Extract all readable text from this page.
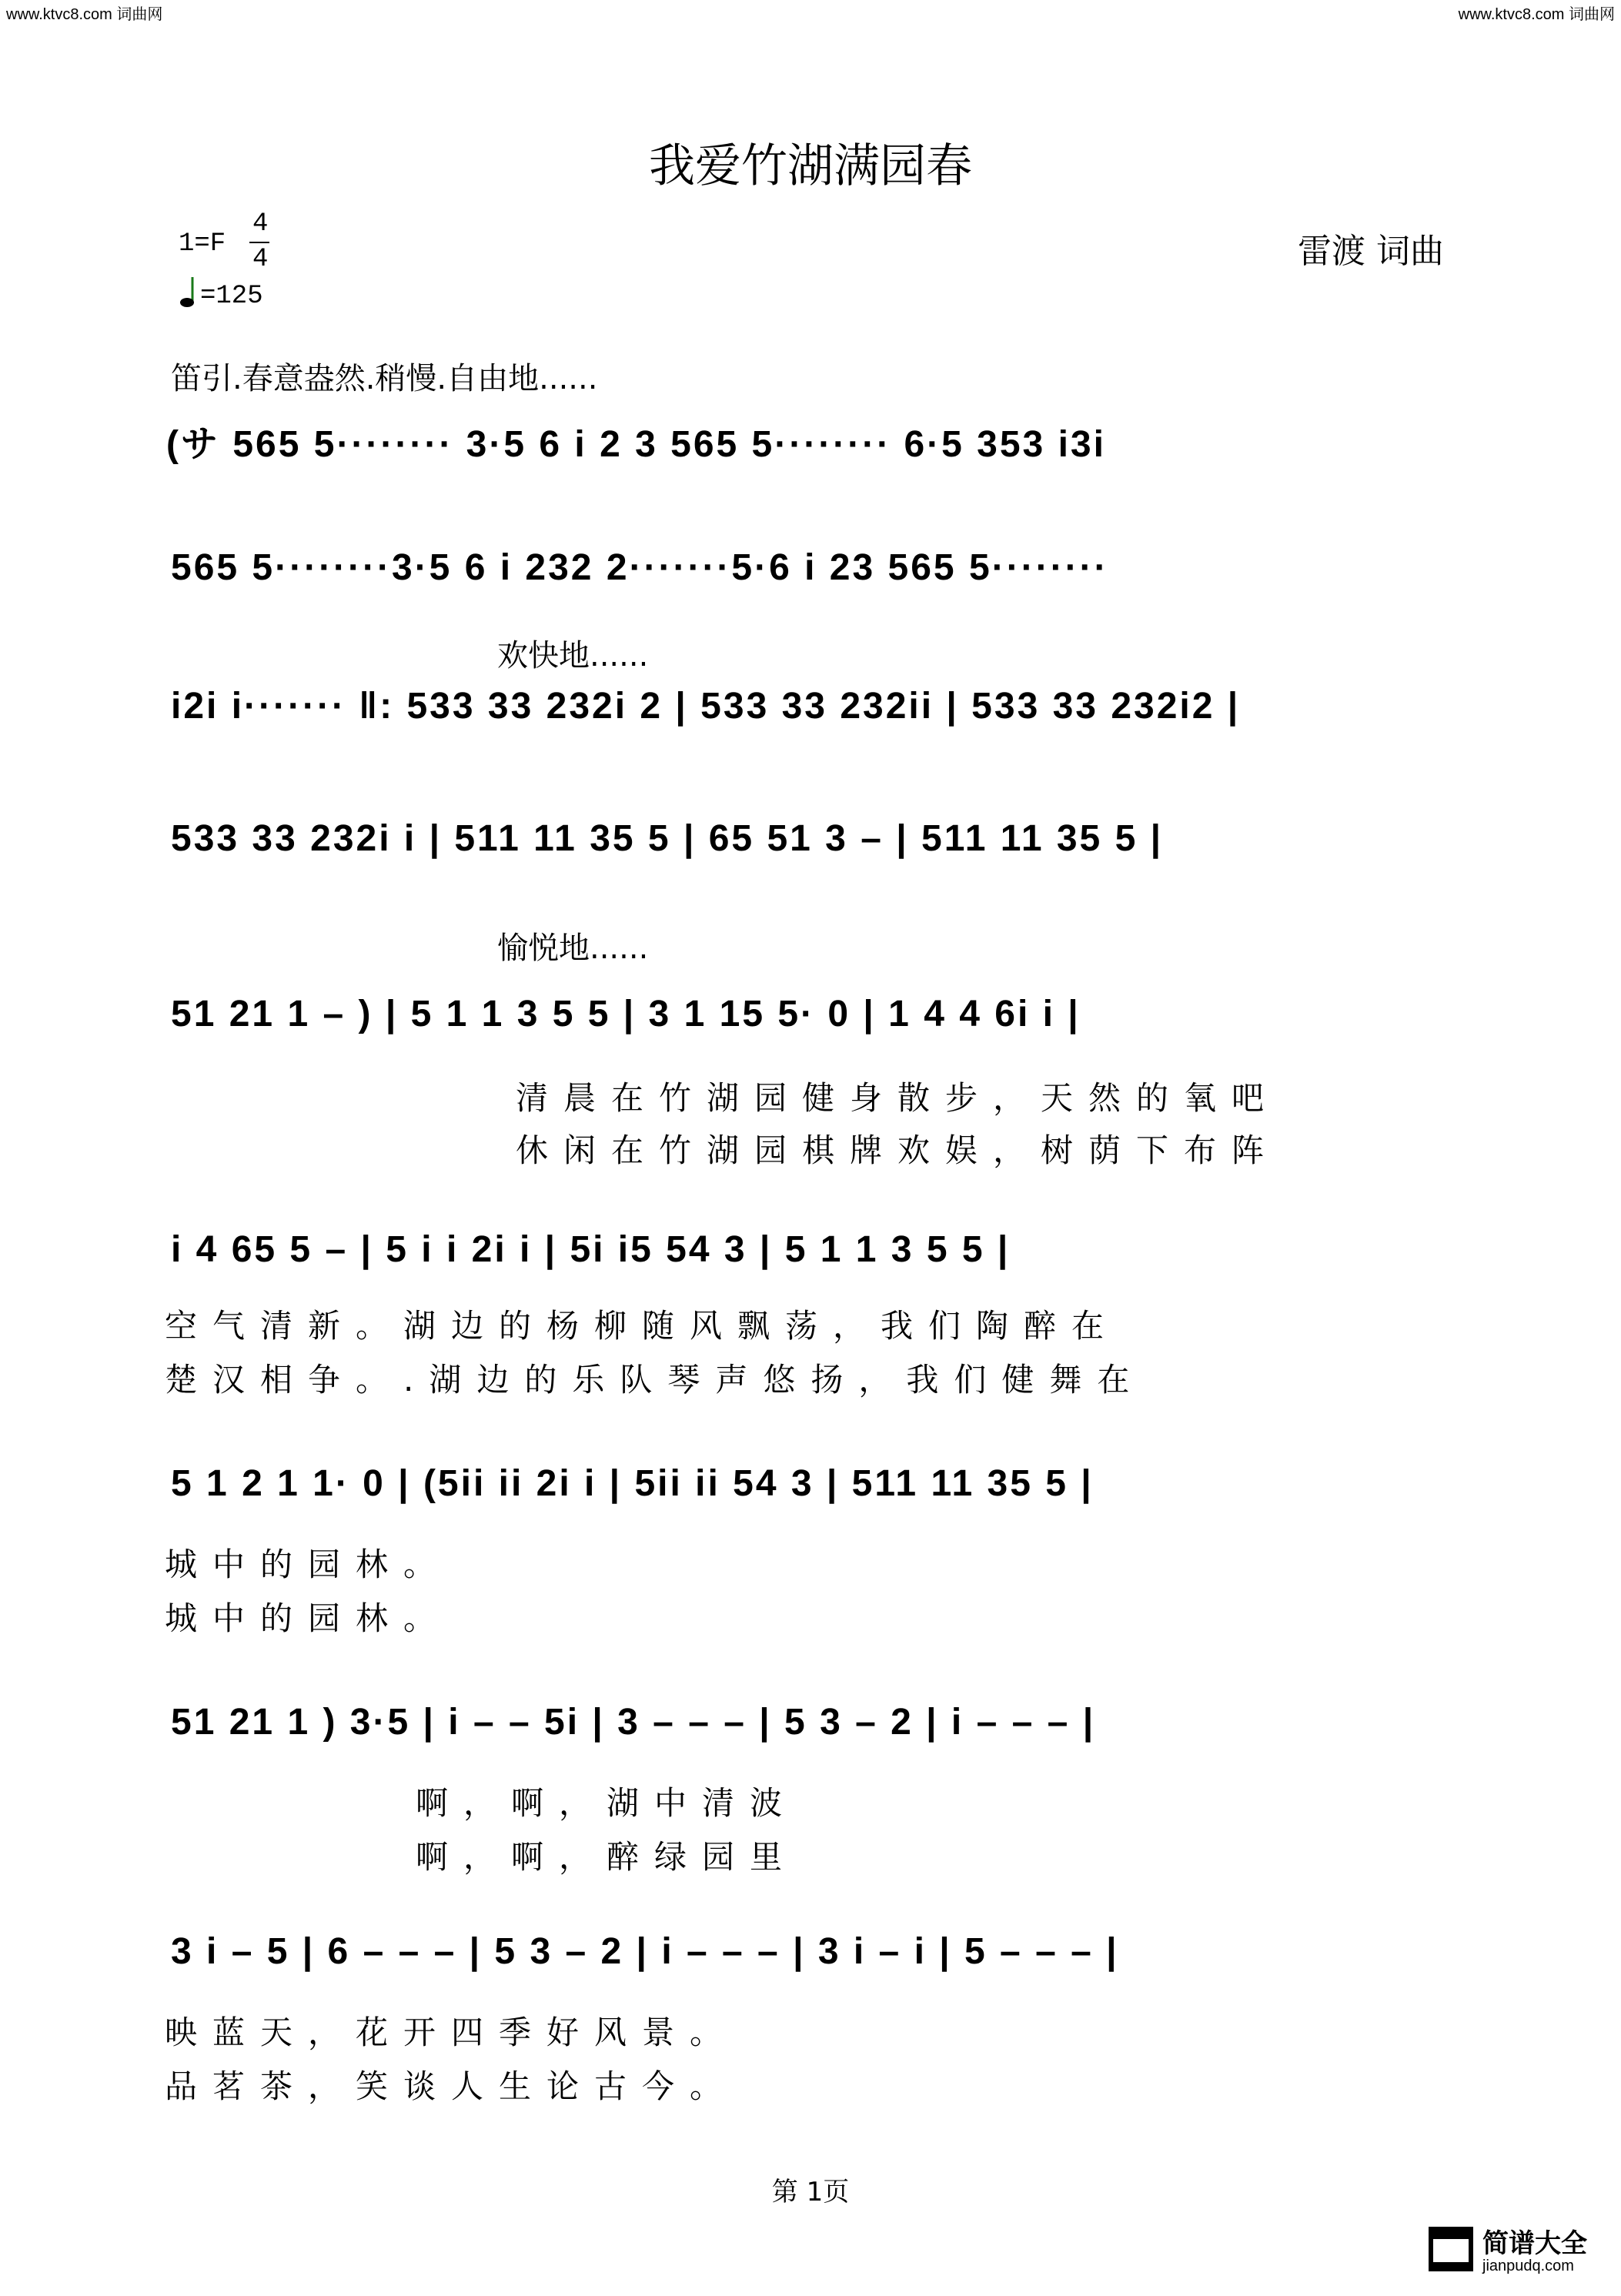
www.ktvc8.com 词曲网	www.ktvc8.com 词曲网
我爱竹湖满园春
1=F
4
4
=125
雷渡 词曲
笛引.春意盎然.稍慢.自由地......
(サ 565 5········ 3·5 6 i 2 3 565 5········ 6·5 353 i3i
565 5········3·5 6 i 232 2·······5·6 i 23 565 5········
欢快地......
i2i i······· ‖: 533 33 232i 2 | 533 33 232ii | 533 33 232i2 |
533 33 232i i | 511 11 35 5 | 65 51 3 – | 511 11 35 5 |
愉悦地......
51 21 1 – ) | 5 1 1 3 5 5 | 3 1 15 5· 0 | 1 4 4 6i i |
清晨在竹湖园健身散步，天然的氧吧
休闲在竹湖园棋牌欢娱，树荫下布阵
i 4 65 5 – | 5 i i 2i i | 5i i5 54 3 | 5 1 1 3 5 5 |
空气清新。湖边的杨柳随风飘荡，我们陶醉在
楚汉相争。.湖边的乐队琴声悠扬，我们健舞在
5 1 2 1 1· 0 | (5ii ii 2i i | 5ii ii 54 3 | 511 11 35 5 |
城中的园林。
城中的园林。
51 21 1 ) 3·5 | i – – 5i | 3 – – – | 5 3 – 2 | i – – – |
啊，啊，湖中清波
啊，啊，醉绿园里
3 i – 5 | 6 – – – | 5 3 – 2 | i – – – | 3 i – i | 5 – – – |
映蓝天，花开四季好风景。
品茗茶，笑谈人生论古今。
第 1页
简谱大全
jianpudq.com
